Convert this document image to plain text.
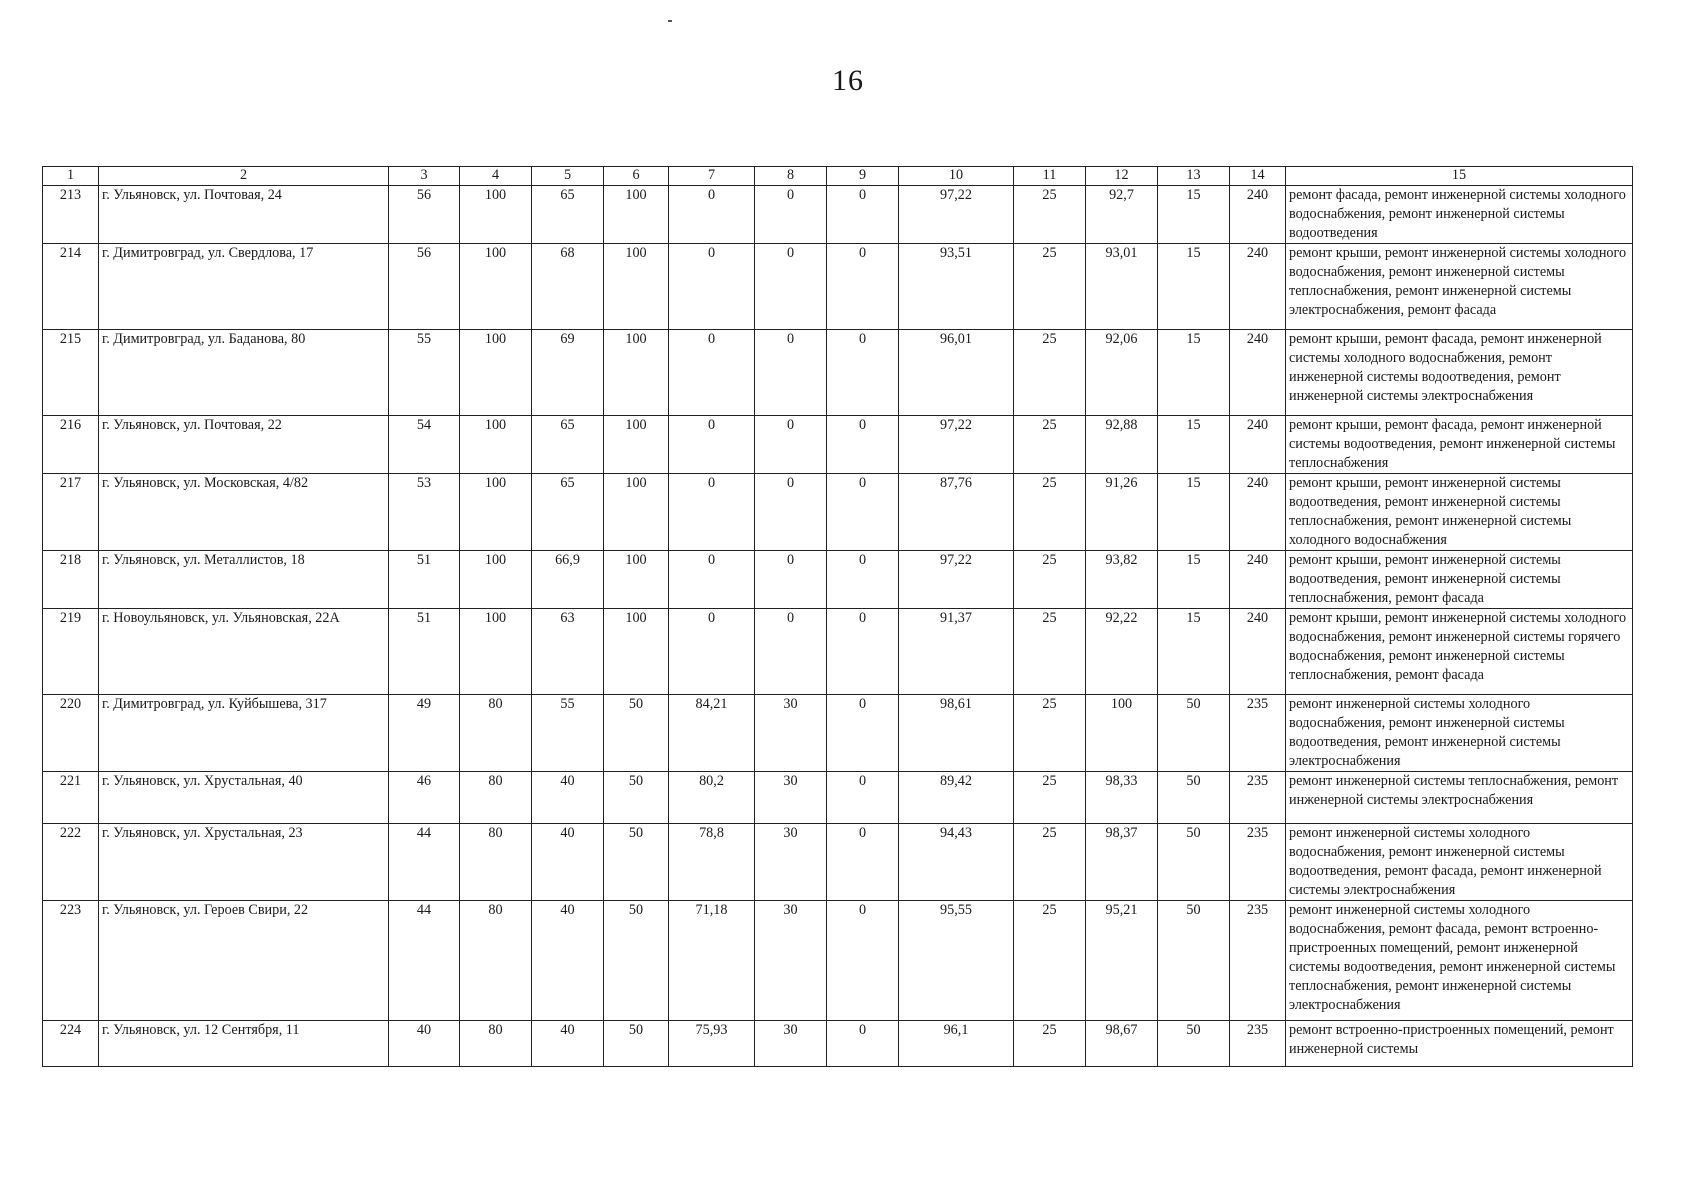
16
1	2	3	4	5	6	7	8	9	10	11	12	13	14	15
213	г. Ульяновск, ул. Почтовая, 24	56	100	65	100	0	0	0	97,22	25	92,7	15	240	ремонт фасада, ремонт инженерной системы холодного водоснабжения, ремонт инженерной системы водоотведения
214	г. Димитровград, ул. Свердлова, 17	56	100	68	100	0	0	0	93,51	25	93,01	15	240	ремонт крыши, ремонт инженерной системы холодного водоснабжения, ремонт инженерной системы теплоснабжения, ремонт инженерной системы электроснабжения, ремонт фасада
215	г. Димитровград, ул. Баданова, 80	55	100	69	100	0	0	0	96,01	25	92,06	15	240	ремонт крыши, ремонт фасада, ремонт инженерной системы холодного водоснабжения, ремонт инженерной системы водоотведения, ремонт инженерной системы электроснабжения
216	г. Ульяновск, ул. Почтовая, 22	54	100	65	100	0	0	0	97,22	25	92,88	15	240	ремонт крыши, ремонт фасада, ремонт инженерной системы водоотведения, ремонт инженерной системы теплоснабжения
217	г. Ульяновск, ул. Московская, 4/82	53	100	65	100	0	0	0	87,76	25	91,26	15	240	ремонт крыши, ремонт инженерной системы водоотведения, ремонт инженерной системы теплоснабжения, ремонт инженерной системы холодного водоснабжения
218	г. Ульяновск, ул. Металлистов, 18	51	100	66,9	100	0	0	0	97,22	25	93,82	15	240	ремонт крыши, ремонт инженерной системы водоотведения, ремонт инженерной системы теплоснабжения, ремонт фасада
219	г. Новоульяновск, ул. Ульяновская, 22А	51	100	63	100	0	0	0	91,37	25	92,22	15	240	ремонт крыши, ремонт инженерной системы холодного водоснабжения, ремонт инженерной системы горячего водоснабжения, ремонт инженерной системы теплоснабжения, ремонт фасада
220	г. Димитровград, ул. Куйбышева, 317	49	80	55	50	84,21	30	0	98,61	25	100	50	235	ремонт инженерной системы холодного водоснабжения, ремонт инженерной системы водоотведения, ремонт инженерной системы электроснабжения
221	г. Ульяновск, ул. Хрустальная, 40	46	80	40	50	80,2	30	0	89,42	25	98,33	50	235	ремонт инженерной системы теплоснабжения, ремонт инженерной системы электроснабжения
222	г. Ульяновск, ул. Хрустальная, 23	44	80	40	50	78,8	30	0	94,43	25	98,37	50	235	ремонт инженерной системы холодного водоснабжения, ремонт инженерной системы водоотведения, ремонт фасада, ремонт инженерной системы электроснабжения
223	г. Ульяновск, ул. Героев Свири, 22	44	80	40	50	71,18	30	0	95,55	25	95,21	50	235	ремонт инженерной системы холодного водоснабжения, ремонт фасада, ремонт встроенно-пристроенных помещений, ремонт инженерной системы водоотведения, ремонт инженерной системы теплоснабжения, ремонт инженерной системы электроснабжения
224	г. Ульяновск, ул. 12 Сентября, 11	40	80	40	50	75,93	30	0	96,1	25	98,67	50	235	ремонт встроенно-пристроенных помещений, ремонт инженерной системы
